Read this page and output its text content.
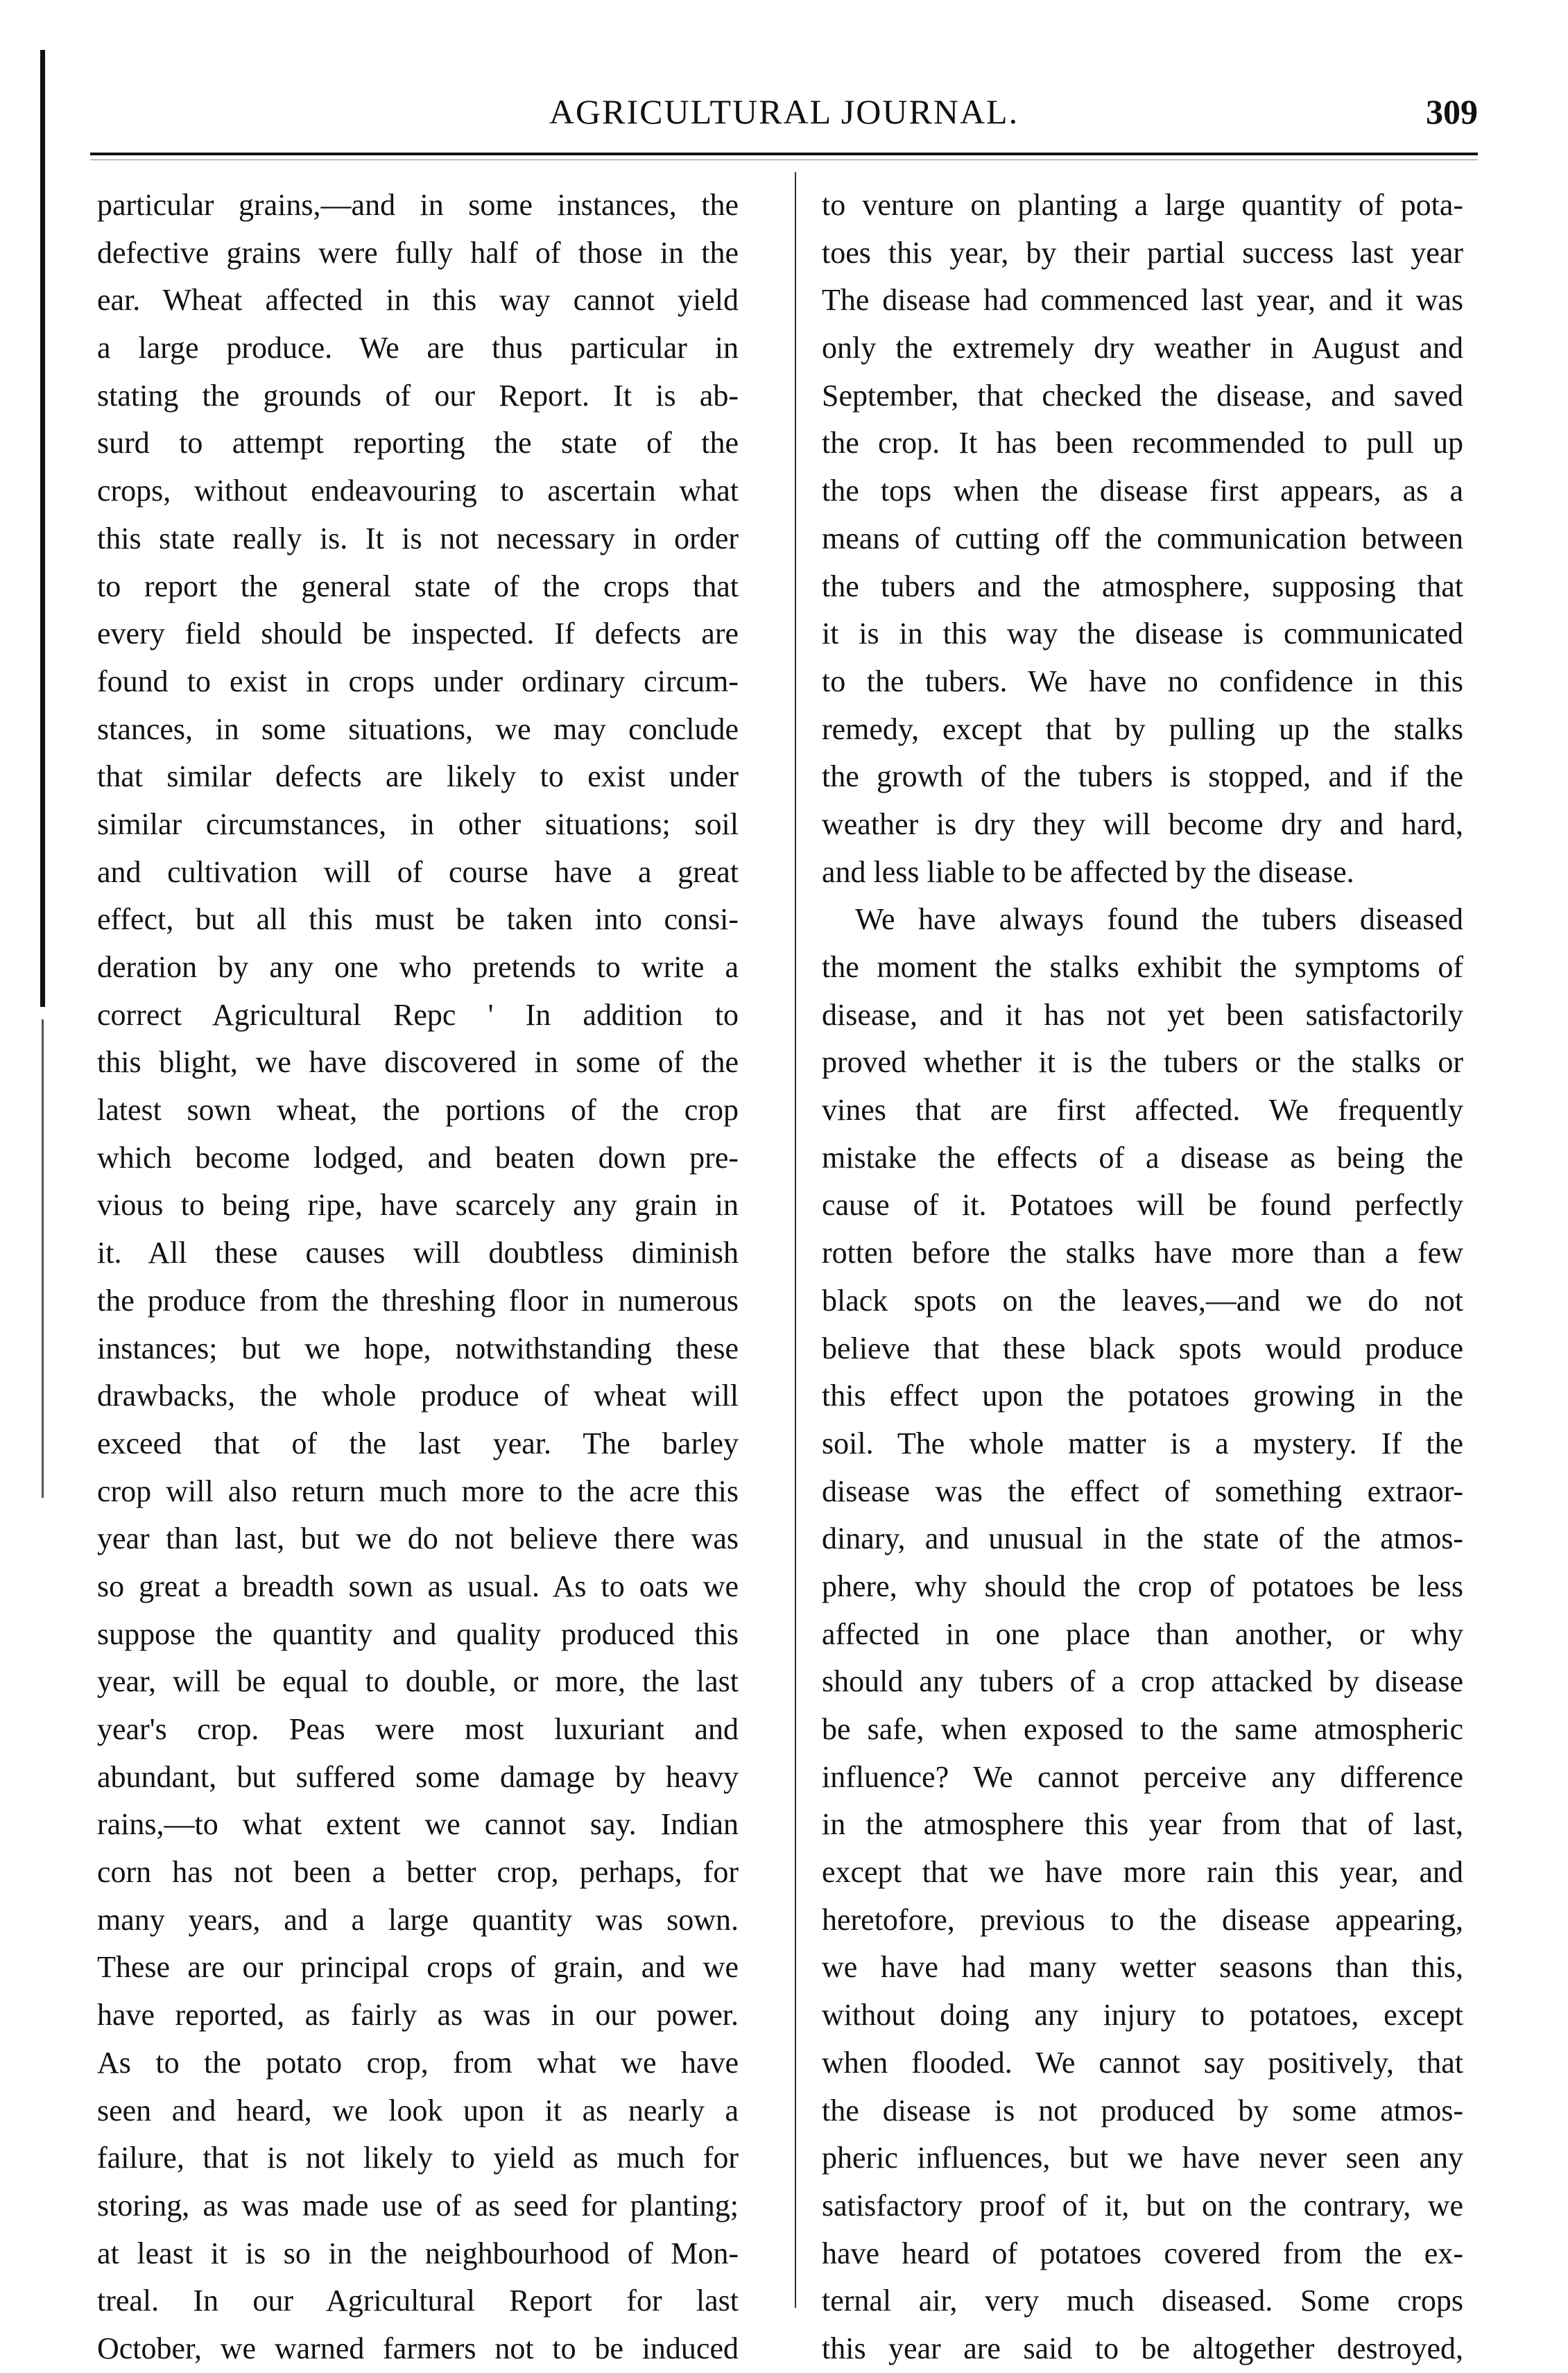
AGRICULTURAL JOURNAL.	309
particular grains,—and in some instances, the
defective grains were fully half of those in the
ear. Wheat affected in this way cannot yield
a large produce. We are thus particular in
stating the grounds of our Report. It is ab-
surd to attempt reporting the state of the
crops, without endeavouring to ascertain what
this state really is. It is not necessary in order
to report the general state of the crops that
every field should be inspected. If defects are
found to exist in crops under ordinary circum-
stances, in some situations, we may conclude
that similar defects are likely to exist under
similar circumstances, in other situations; soil
and cultivation will of course have a great
effect, but all this must be taken into consi-
deration by any one who pretends to write a
correct Agricultural Repc ' In addition to
this blight, we have discovered in some of the
latest sown wheat, the portions of the crop
which become lodged, and beaten down pre-
vious to being ripe, have scarcely any grain in
it. All these causes will doubtless diminish
the produce from the threshing floor in numerous
instances; but we hope, notwithstanding these
drawbacks, the whole produce of wheat will
exceed that of the last year. The barley
crop will also return much more to the acre this
year than last, but we do not believe there was
so great a breadth sown as usual. As to oats we
suppose the quantity and quality produced this
year, will be equal to double, or more, the last
year's crop. Peas were most luxuriant and
abundant, but suffered some damage by heavy
rains,—to what extent we cannot say. Indian
corn has not been a better crop, perhaps, for
many years, and a large quantity was sown.
These are our principal crops of grain, and we
have reported, as fairly as was in our power.
As to the potato crop, from what we have
seen and heard, we look upon it as nearly a
failure, that is not likely to yield as much for
storing, as was made use of as seed for planting;
at least it is so in the neighbourhood of Mon-
treal. In our Agricultural Report for last
October, we warned farmers not to be induced
to venture on planting a large quantity of pota-
toes this year, by their partial success last year
The disease had commenced last year, and it was
only the extremely dry weather in August and
September, that checked the disease, and saved
the crop. It has been recommended to pull up
the tops when the disease first appears, as a
means of cutting off the communication between
the tubers and the atmosphere, supposing that
it is in this way the disease is communicated
to the tubers. We have no confidence in this
remedy, except that by pulling up the stalks
the growth of the tubers is stopped, and if the
weather is dry they will become dry and hard,
and less liable to be affected by the disease.
We have always found the tubers diseased
the moment the stalks exhibit the symptoms of
disease, and it has not yet been satisfactorily
proved whether it is the tubers or the stalks or
vines that are first affected. We frequently
mistake the effects of a disease as being the
cause of it. Potatoes will be found perfectly
rotten before the stalks have more than a few
black spots on the leaves,—and we do not
believe that these black spots would produce
this effect upon the potatoes growing in the
soil. The whole matter is a mystery. If the
disease was the effect of something extraor-
dinary, and unusual in the state of the atmos-
phere, why should the crop of potatoes be less
affected in one place than another, or why
should any tubers of a crop attacked by disease
be safe, when exposed to the same atmospheric
influence? We cannot perceive any difference
in the atmosphere this year from that of last,
except that we have more rain this year, and
heretofore, previous to the disease appearing,
we have had many wetter seasons than this,
without doing any injury to potatoes, except
when flooded. We cannot say positively, that
the disease is not produced by some atmos-
pheric influences, but we have never seen any
satisfactory proof of it, but on the contrary, we
have heard of potatoes covered from the ex-
ternal air, very much diseased. Some crops
this year are said to be altogether destroyed,
